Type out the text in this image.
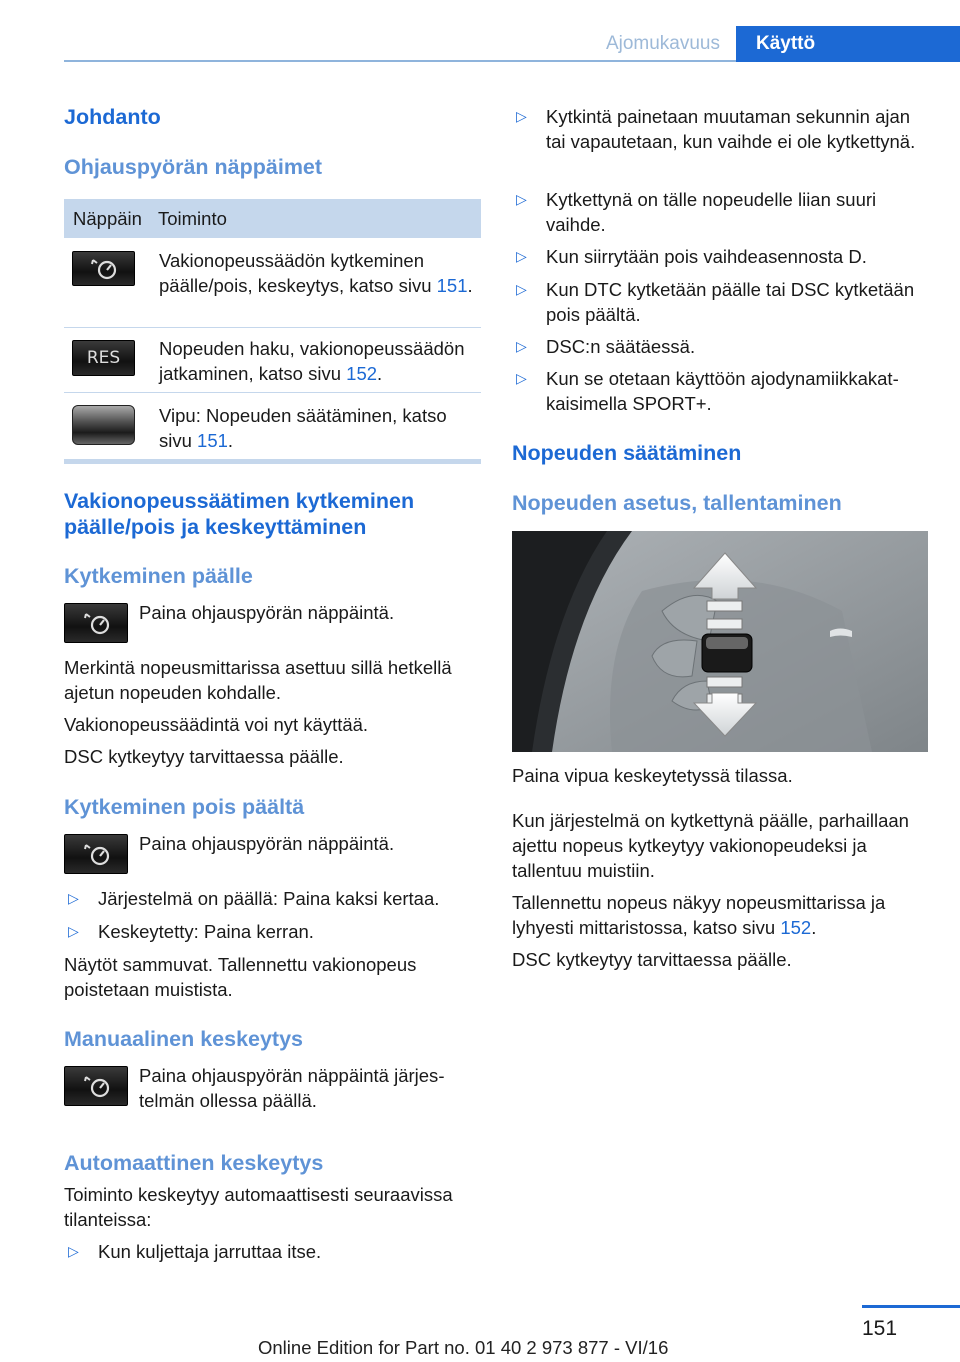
Ajomukavuus	Käyttö
Johdanto
Ohjauspyörän näppäimet
Näppäin Toiminto
Vakionopeussäädön kytkeminen päälle/pois, keskeytys, katso sivu 151.
RES	Nopeuden haku, vakionopeussäädön jatkaminen, katso sivu 152.
Vipu: Nopeuden säätäminen, katso sivu 151.
Vakionopeussäätimen kytkeminen päälle/pois ja keskeyttäminen
Kytkeminen päälle

Paina ohjauspyörän näppäintä.

Merkintä nopeusmittarissa asettuu sillä hetkellä ajetun nopeuden kohdalle.

Vakionopeussäädintä voi nyt käyttää.

DSC kytkeytyy tarvittaessa päälle.

Kytkeminen pois päältä

Paina ohjauspyörän näppäintä.

▷ Järjestelmä on päällä: Paina kaksi kertaa.
▷ Keskeytetty: Paina kerran.

Näytöt sammuvat. Tallennettu vakionopeus poistetaan muistista.

Manuaalinen keskeytys

Paina ohjauspyörän näppäintä järjestelmän ollessa päällä.

Automaattinen keskeytys

Toiminto keskeytyy automaattisesti seuraavissa tilanteissa:

▷ Kun kuljettaja jarruttaa itse.
▷ Kytkintä painetaan muutaman sekunnin ajan tai vapautetaan, kun vaihde ei ole kytkettynä.
▷ Kytkettynä on tälle nopeudelle liian suuri vaihde.
▷ Kun siirrytään pois vaihdeasennosta D.
▷ Kun DTC kytketään päälle tai DSC kytketään pois päältä.
▷ DSC:n säätäessä.
▷ Kun se otetaan käyttöön ajodynamiikkakatkaisimella SPORT+.
Nopeuden säätäminen
Nopeuden asetus, tallentaminen

Paina vipua keskeytetyssä tilassa.

Kun järjestelmä on kytkettynä päälle, parhaillaan ajettu nopeus kytkeytyy vakionopeudeksi ja tallentuu muistiin.

Tallennettu nopeus näkyy nopeusmittarissa ja lyhyesti mittaristossa, katso sivu 152.

DSC kytkeytyy tarvittaessa päälle.

151
Online Edition for Part no. 01 40 2 973 877 - VI/16
